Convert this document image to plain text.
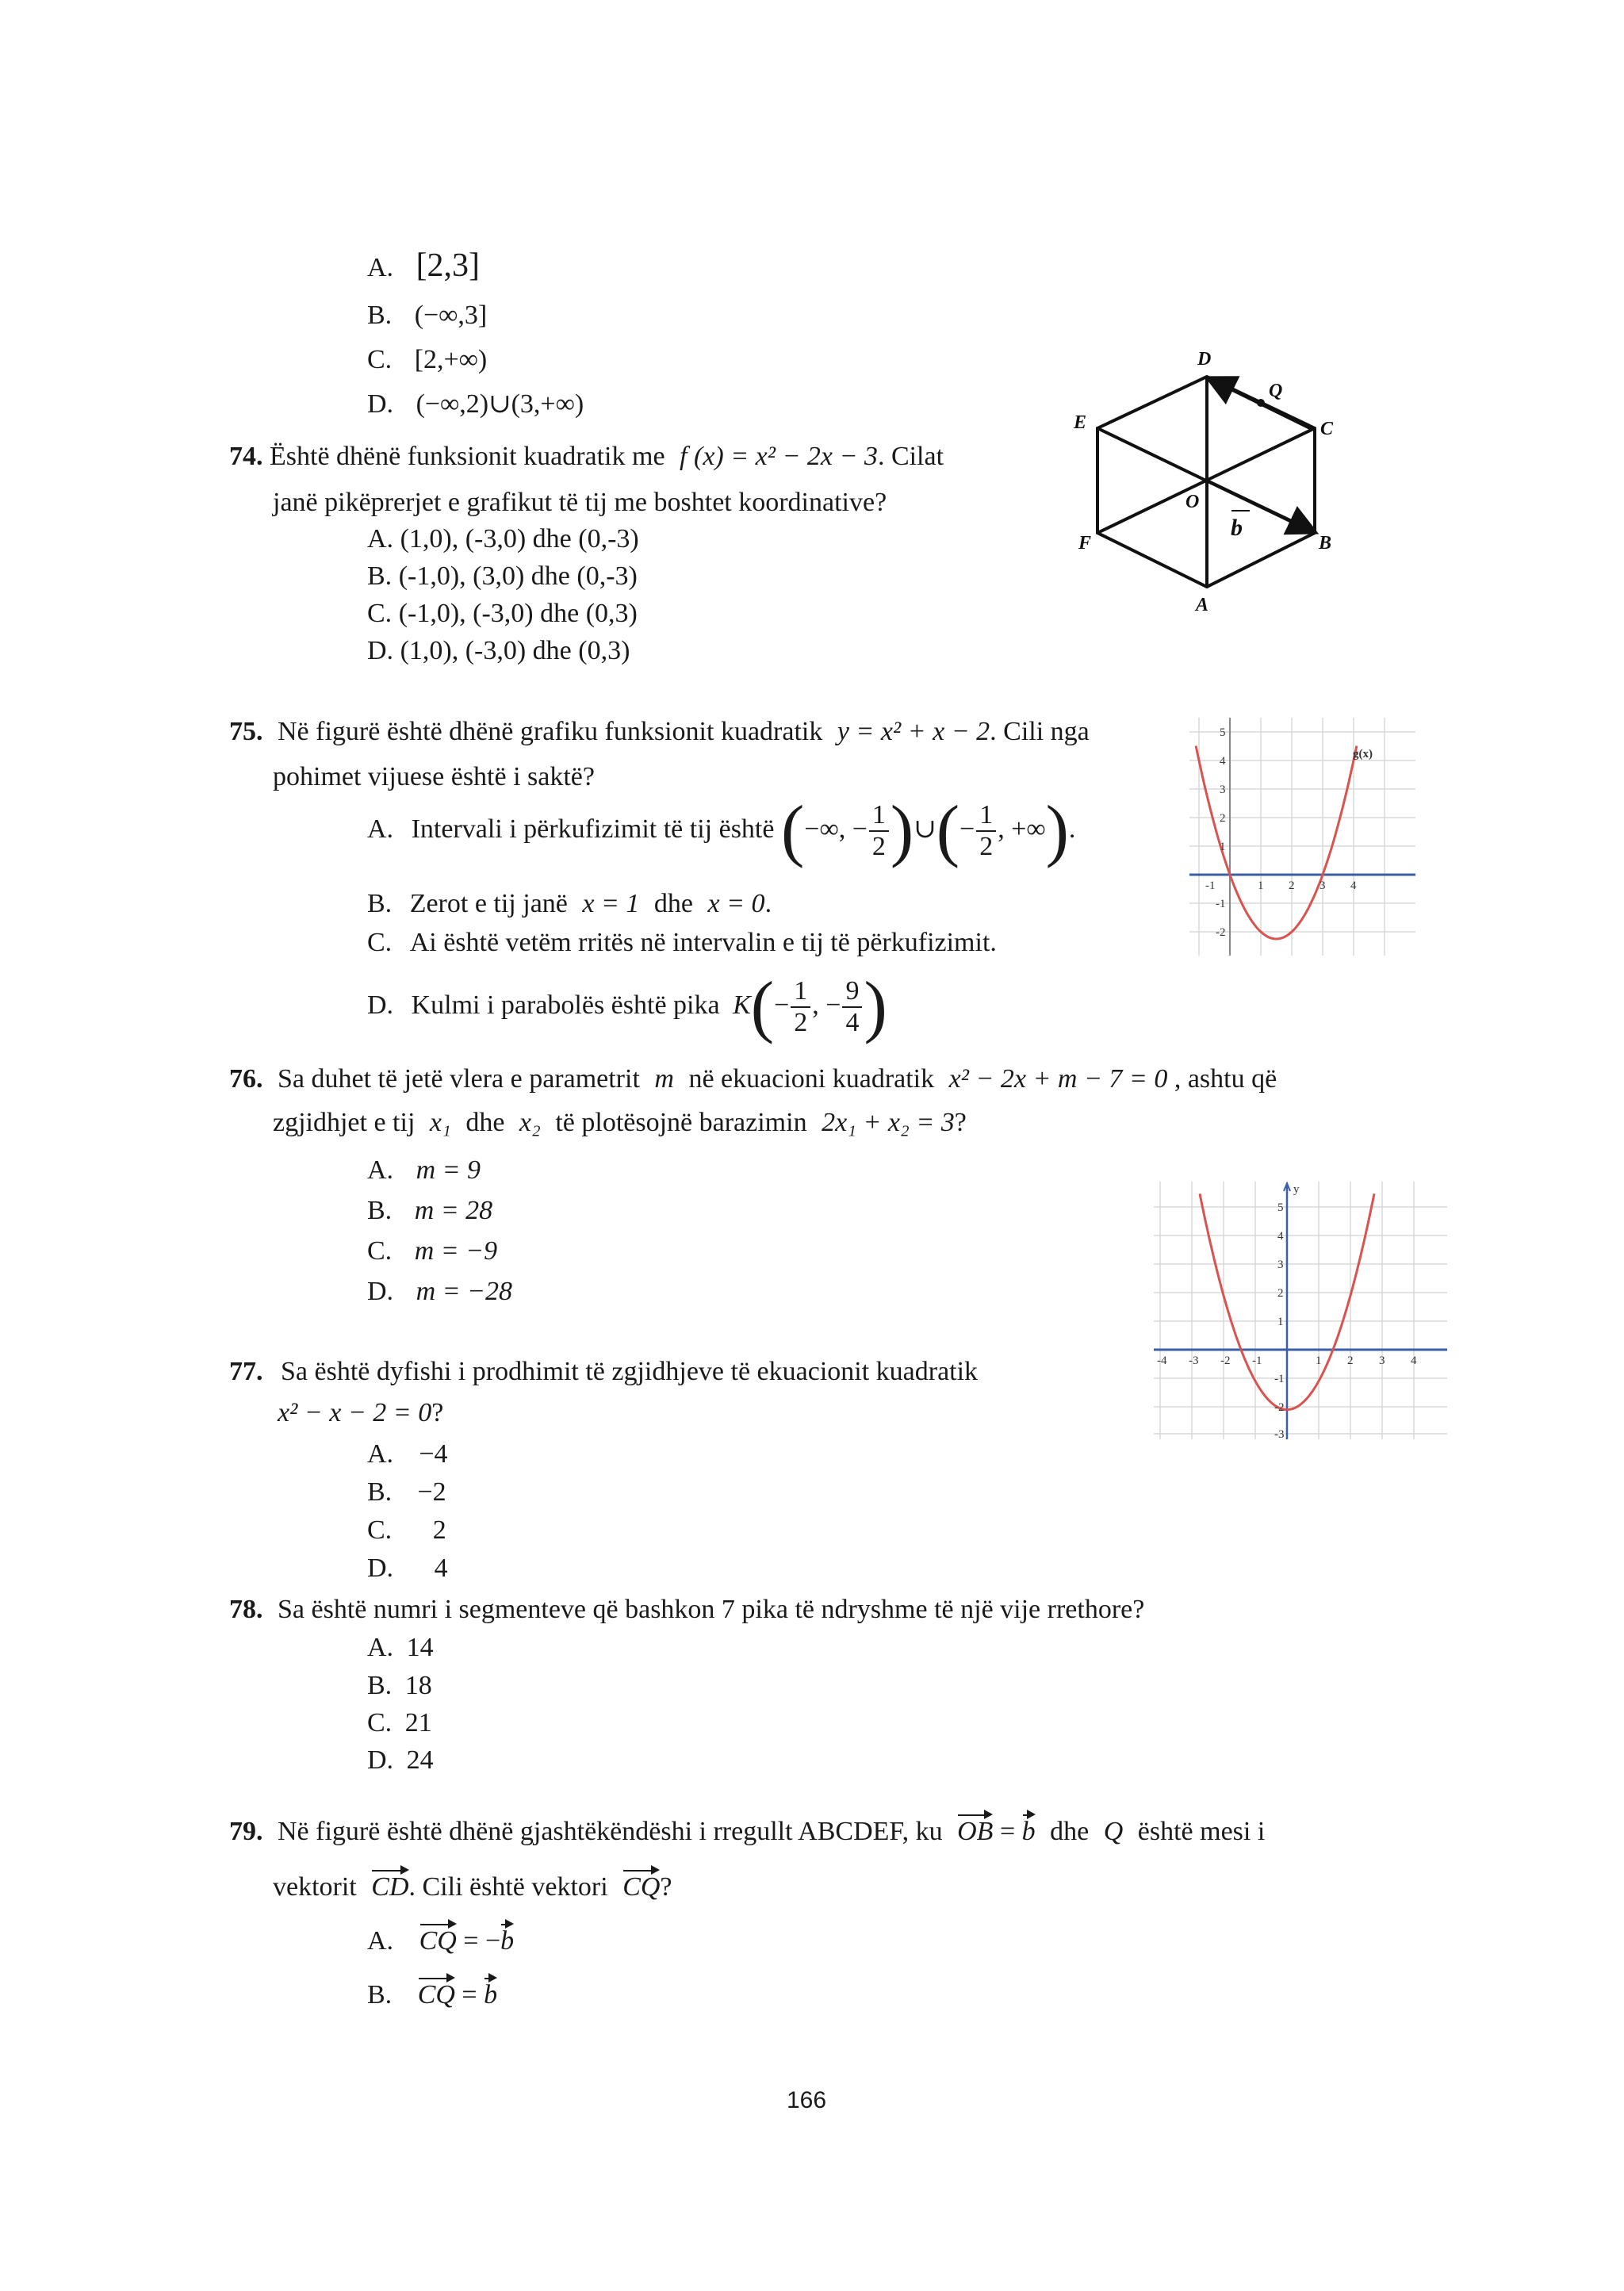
A. [2,3]
B. (−∞,3]
C. [2,+∞)
D. (−∞,2)∪(3,+∞)
74. Është dhënë funksionit kuadratik me f (x) = x² − 2x − 3. Cilat
janë pikëprerjet e grafikut të tij me boshtet koordinative?
A. (1,0), (-3,0) dhe (0,-3)
B. (-1,0), (3,0) dhe (0,-3)
C. (-1,0), (-3,0) dhe (0,3)
D. (1,0), (-3,0) dhe (0,3)
D
Q
E	C
O
b
F	B
A
75. Në figurë është dhënë grafiku funksionit kuadratik y = x² + x − 2. Cili nga
pohimet vijuese është i saktë?
A. Intervali i përkufizimit të tij është (−∞, − $\frac{1}{2}$ )∪(− $\frac{1}{2}$ , +∞).
B. Zerot e tij janë x = 1 dhe x = 0.
C. Ai është vetëm rritës në intervalin e tij të përkufizimit.
D. Kulmi i parabolës është pika $K(- \frac{1}{2}$ , − $\frac{9}{4}$ )
g(x)
-1	1 2 3 4
5
4
3
2
1
-1
-2
76. Sa duhet të jetë vlera e parametrit m në ekuacioni kuadratik x² − 2x + m − 7 = 0 , ashtu që
zgjidhjet e tij x₁ dhe x₂ të plotësojnë barazimin 2x₁ + x₂ = 3?
A. m = 9
B. m = 28
C. m = −9
D. m = −28
y
-4 -3 -2 -1	1 2 3 4
5
4
3
2
1
-1
-2
-3
77. Sa është dyfishi i prodhimit të zgjidhjeve të ekuacionit kuadratik
x² − x − 2 = 0?
A. −4
B. −2
C. 2
D. 4
78. Sa është numri i segmenteve që bashkon 7 pika të ndryshme të një vije rrethore?
A. 14
B. 18
C. 21
D. 24
79. Në figurë është dhënë gjashtëkëndëshi i rregullt ABCDEF, ku OB = b dhe Q është mesi i
vektorit CD. Cili është vektori CQ?
A. CQ = −b
B. CQ = b
166
